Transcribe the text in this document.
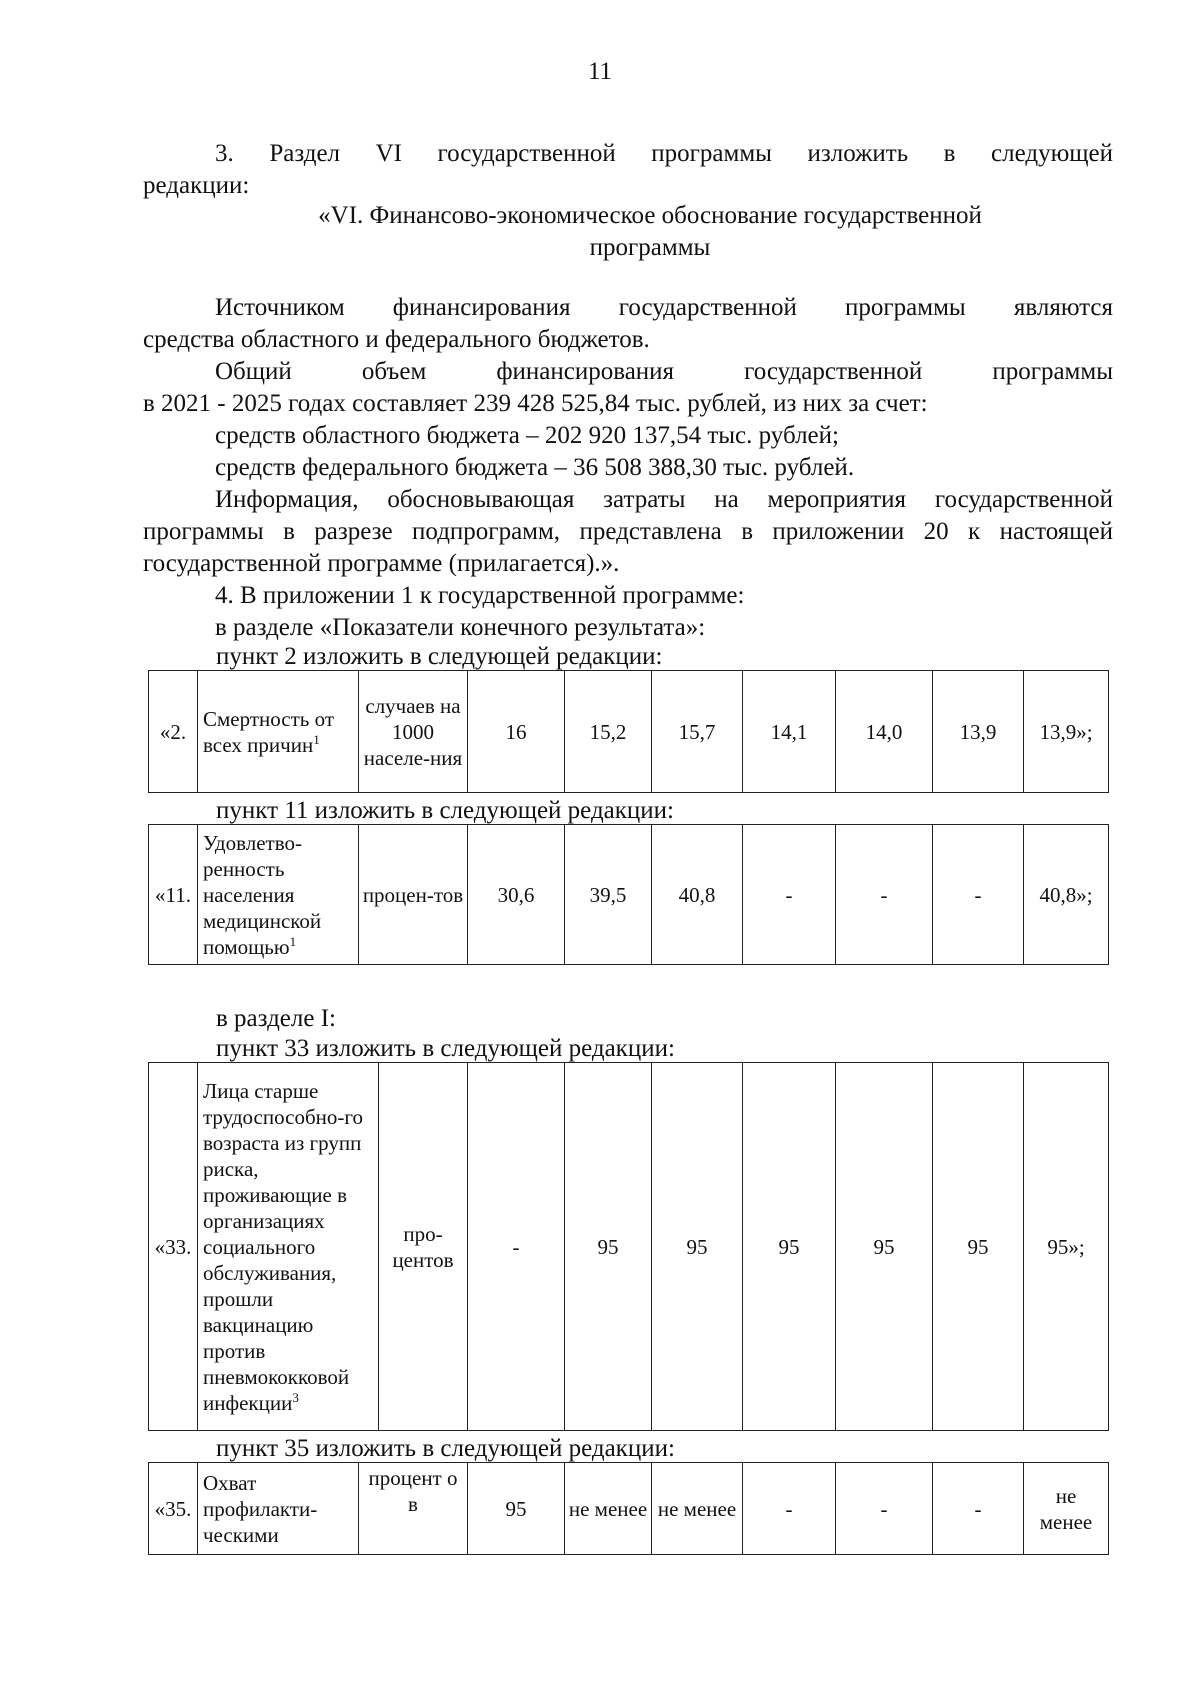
11
3. Раздел VI государственной программы изложить в следующей
редакции:
«VI. Финансово-экономическое обоснование государственной
программы
Источником финансирования государственной программы являются
средства областного и федерального бюджетов.
Общий объем финансирования государственной программы
в 2021 - 2025 годах составляет 239 428 525,84 тыс. рублей, из них за счет:
средств областного бюджета – 202 920 137,54 тыс. рублей;
средств федерального бюджета – 36 508 388,30 тыс. рублей.
Информация, обосновывающая затраты на мероприятия государственной
программы в разрезе подпрограмм, представлена в приложении 20 к настоящей
государственной программе (прилагается).».
4. В приложении 1 к государственной программе:
в разделе «Показатели конечного результата»:
пункт 2 изложить в следующей редакции:
«2.	Смертность от всех причин$^1$	случаев на 1000 населе-ния	16	15,2	15,7	14,1	14,0	13,9	13,9»;
пункт 11 изложить в следующей редакции:
«11.	Удовлетво-ренность населения медицинской помощью$^1$	процен-тов	30,6	39,5	40,8	-	-	-	40,8»;
в разделе I:
пункт 33 изложить в следующей редакции:
«33.	Лица старше трудоспособно-го возраста из групп риска, проживающие в организациях социального обслуживания, прошли вакцинацию против пневмококковой инфекции$^3$	про-центов	-	95	95	95	95	95	95»;
пункт 35 изложить в следующей редакции:
«35.	Охват профилакти-ческими	процент о в	95	не менее	не менее	-	-	-	не менее
